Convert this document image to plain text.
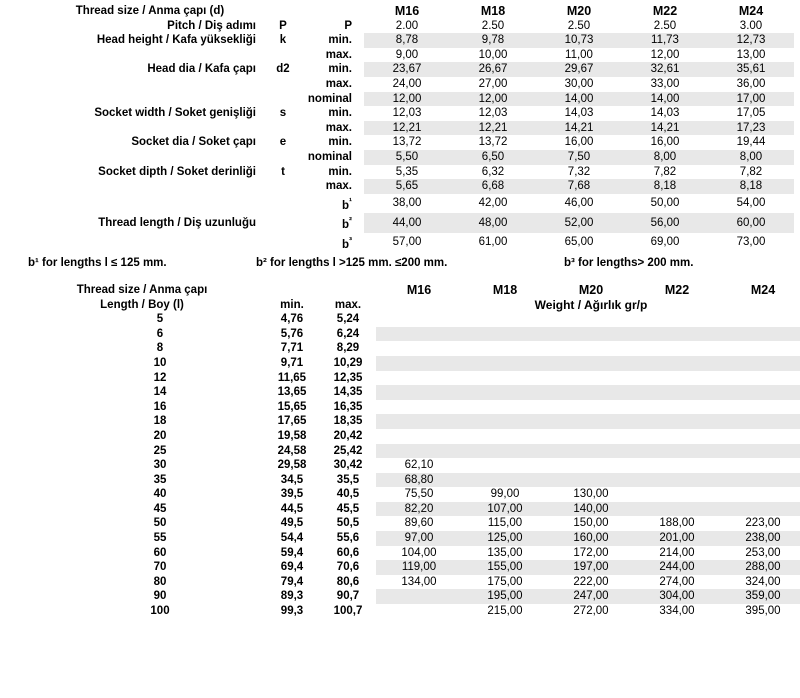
Thread size / Anma çapı (d)			M16	M18	M20	M22	M24
Pitch / Diş adımı	P	P	2.00	2.50	2.50	2.50	3.00
Head height / Kafa yüksekliği	k	min.	8,78	9,78	10,73	11,73	12,73
		max.	9,00	10,00	11,00	12,00	13,00
Head dia / Kafa çapı	d2	min.	23,67	26,67	29,67	32,61	35,61
		max.	24,00	27,00	30,00	33,00	36,00
		nominal	12,00	12,00	14,00	14,00	17,00
Socket width / Soket genişliği	s	min.	12,03	12,03	14,03	14,03	17,05
		max.	12,21	12,21	14,21	14,21	17,23
Socket dia / Soket çapı	e	min.	13,72	13,72	16,00	16,00	19,44
		nominal	5,50	6,50	7,50	8,00	8,00
Socket dipth / Soket derinliği	t	min.	5,35	6,32	7,32	7,82	7,82
		max.	5,65	6,68	7,68	8,18	8,18
		$b^{^1}$	38,00	42,00	46,00	50,00	54,00
Thread length / Diş uzunluğu		$b^{^2}$	44,00	48,00	52,00	56,00	60,00
		$b^{^3}$	57,00	61,00	65,00	69,00	73,00
b¹ for lengths l ≤ 125 mm.	b² for lengths l >125 mm. ≤200 mm.	b³ for lengths> 200 mm.
Thread size / Anma çapı			M16	M18	M20	M22	M24
Length / Boy (l)	min.	max.	Weight / Ağırlık gr/p				
5	4,76	5,24					
6	5,76	6,24					
8	7,71	8,29					
10	9,71	10,29					
12	11,65	12,35					
14	13,65	14,35					
16	15,65	16,35					
18	17,65	18,35					
20	19,58	20,42					
25	24,58	25,42					
30	29,58	30,42	62,10				
35	34,5	35,5	68,80				
40	39,5	40,5	75,50	99,00	130,00		
45	44,5	45,5	82,20	107,00	140,00		
50	49,5	50,5	89,60	115,00	150,00	188,00	223,00
55	54,4	55,6	97,00	125,00	160,00	201,00	238,00
60	59,4	60,6	104,00	135,00	172,00	214,00	253,00
70	69,4	70,6	119,00	155,00	197,00	244,00	288,00
80	79,4	80,6	134,00	175,00	222,00	274,00	324,00
90	89,3	90,7		195,00	247,00	304,00	359,00
100	99,3	100,7		215,00	272,00	334,00	395,00
